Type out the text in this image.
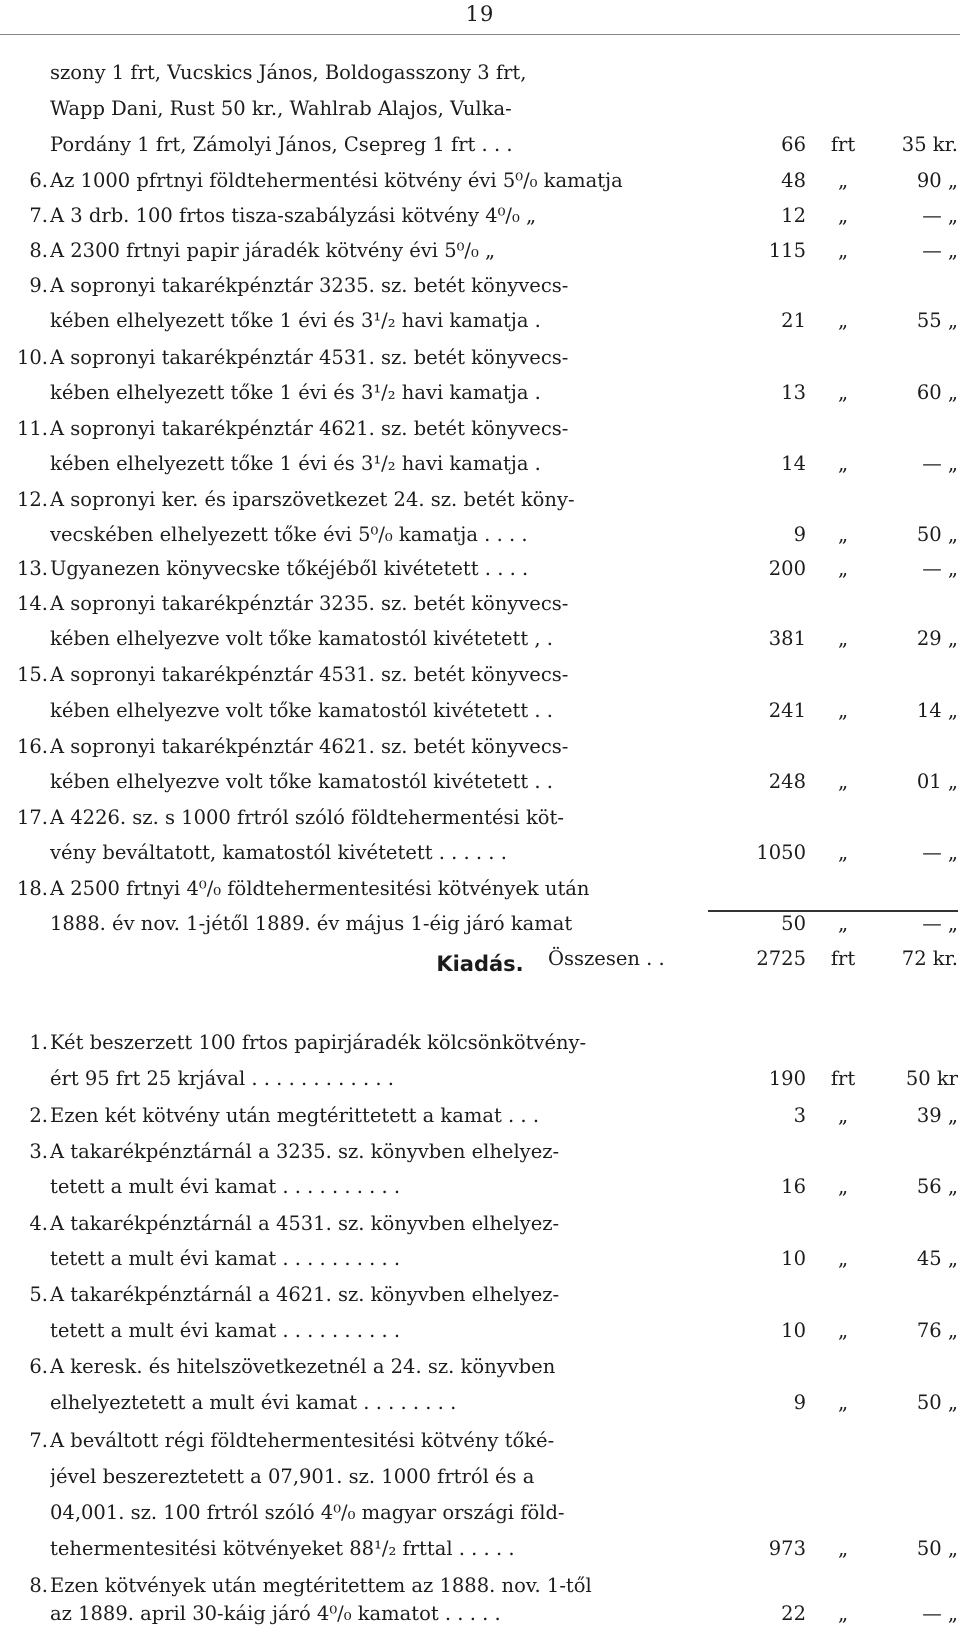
19
Kiadás.
szony 1 frt, Vucskics János, Boldogasszony 3 frt,
Wapp Dani, Rust 50 kr., Wahlrab Alajos, Vulka-
Pordány 1 frt, Zámolyi János, Csepreg 1 frt . . .	66	frt	35 kr.
6. Az 1000 pfrtnyi földtehermentési kötvény évi 5⁰/₀ kamatja	48	„	90 „
7. A 3 drb. 100 frtos tisza-szabályzási kötvény 4⁰/₀ „	12	„	— „
8. A 2300 frtnyi papir járadék kötvény évi 5⁰/₀ „	115	„	— „
9. A sopronyi takarékpénztár 3235. sz. betét könyvecs-
kében elhelyezett tőke 1 évi és 3¹/₂ havi kamatja .	21	„	55 „
10. A sopronyi takarékpénztár 4531. sz. betét könyvecs-
kében elhelyezett tőke 1 évi és 3¹/₂ havi kamatja .	13	„	60 „
11. A sopronyi takarékpénztár 4621. sz. betét könyvecs-
kében elhelyezett tőke 1 évi és 3¹/₂ havi kamatja .	14	„	— „
12. A sopronyi ker. és iparszövetkezet 24. sz. betét köny-
vecskében elhelyezett tőke évi 5⁰/₀ kamatja . . . .	9	„	50 „
13. Ugyanezen könyvecske tőkéjéből kivétetett . . . .	200	„	— „
14. A sopronyi takarékpénztár 3235. sz. betét könyvecs-
kében elhelyezve volt tőke kamatostól kivétetett , .	381	„	29 „
15. A sopronyi takarékpénztár 4531. sz. betét könyvecs-
kében elhelyezve volt tőke kamatostól kivétetett . .	241	„	14 „
16. A sopronyi takarékpénztár 4621. sz. betét könyvecs-
kében elhelyezve volt tőke kamatostól kivétetett . .	248	„	01 „
17. A 4226. sz. s 1000 frtról szóló földtehermentési köt-
vény beváltatott, kamatostól kivétetett . . . . . .	1050	„	— „
18. A 2500 frtnyi 4⁰/₀ földtehermentesitési kötvények után
1888. év nov. 1-jétől 1889. év május 1-éig járó kamat	50	„	— „
Összesen . .	2725	frt	72 kr.
1. Két beszerzett 100 frtos papirjáradék kölcsönkötvény-
ért 95 frt 25 krjával . . . . . . . . . . . .	190	frt	50 kr
2. Ezen két kötvény után megtérittetett a kamat . . .	3	„	39 „
3. A takarékpénztárnál a 3235. sz. könyvben elhelyez-
tetett a mult évi kamat . . . . . . . . . .	16	„	56 „
4. A takarékpénztárnál a 4531. sz. könyvben elhelyez-
tetett a mult évi kamat . . . . . . . . . .	10	„	45 „
5. A takarékpénztárnál a 4621. sz. könyvben elhelyez-
tetett a mult évi kamat . . . . . . . . . .	10	„	76 „
6. A keresk. és hitelszövetkezetnél a 24. sz. könyvben
elhelyeztetett a mult évi kamat . . . . . . . .	9	„	50 „
7. A beváltott régi földtehermentesitési kötvény tőké-
jével beszereztetett a 07,901. sz. 1000 frtról és a
04,001. sz. 100 frtról szóló 4⁰/₀ magyar országi föld-
tehermentesitési kötvényeket 88¹/₂ frttal . . . . .	973	„	50 „
8. Ezen kötvények után megtéritettem az 1888. nov. 1-től
az 1889. april 30-káig járó 4⁰/₀ kamatot . . . . .	22	„	— „
